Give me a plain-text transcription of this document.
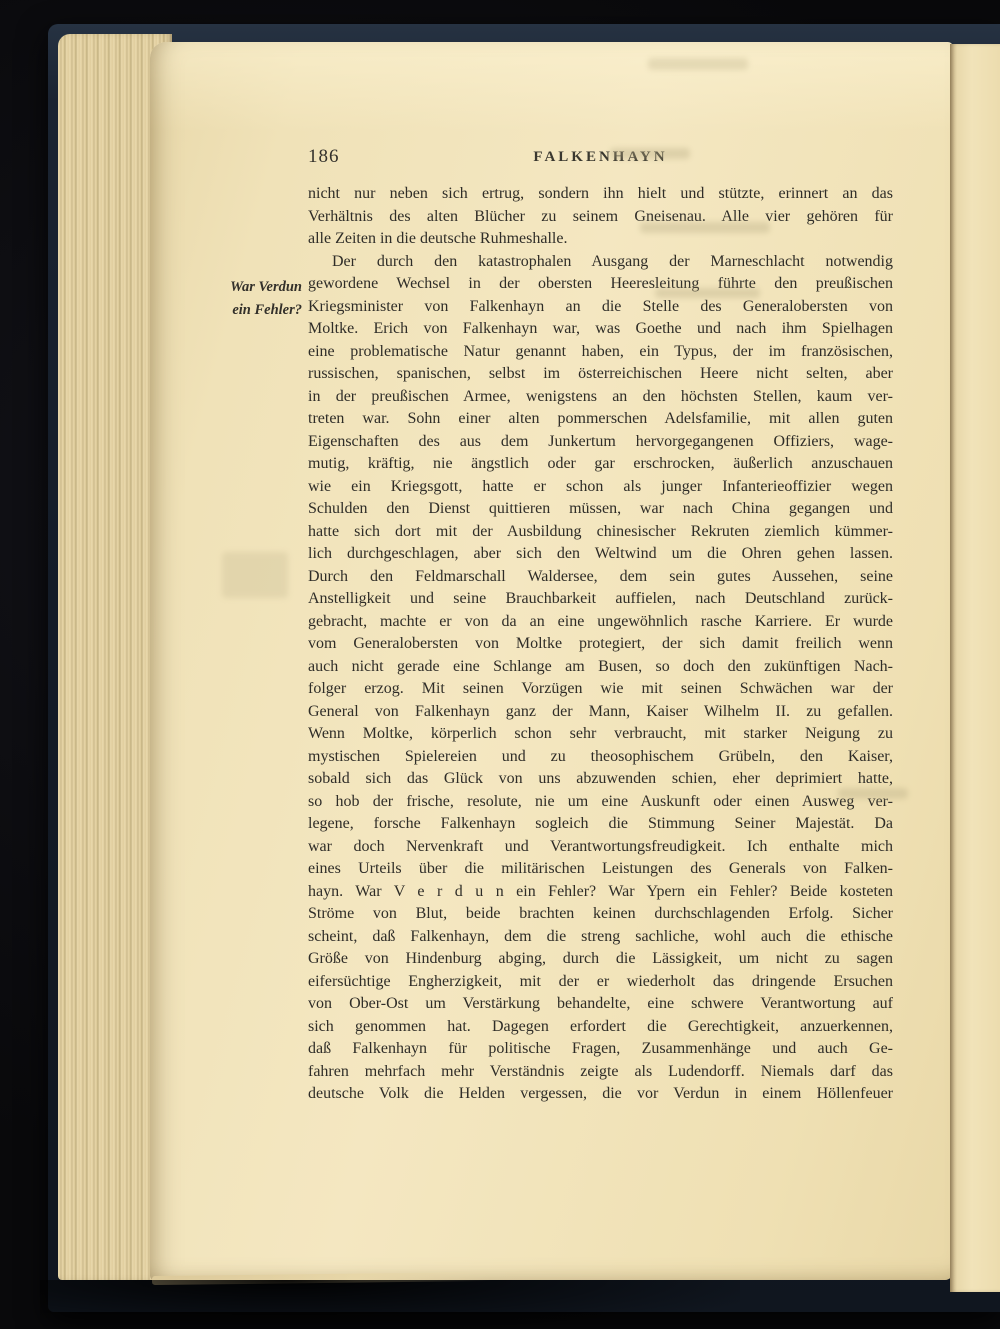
186	FALKENHAYN
War Verdun
ein Fehler?
nicht nur neben sich ertrug, sondern ihn hielt und stützte, erinnert an das
Verhältnis des alten Blücher zu seinem Gneisenau. Alle vier gehören für
alle Zeiten in die deutsche Ruhmeshalle.
Der durch den katastrophalen Ausgang der Marneschlacht notwendig
gewordene Wechsel in der obersten Heeresleitung führte den preußischen
Kriegsminister von Falkenhayn an die Stelle des Generalobersten von
Moltke. Erich von Falkenhayn war, was Goethe und nach ihm Spielhagen
eine problematische Natur genannt haben, ein Typus, der im französischen,
russischen, spanischen, selbst im österreichischen Heere nicht selten, aber
in der preußischen Armee, wenigstens an den höchsten Stellen, kaum ver-
treten war. Sohn einer alten pommerschen Adelsfamilie, mit allen guten
Eigenschaften des aus dem Junkertum hervorgegangenen Offiziers, wage-
mutig, kräftig, nie ängstlich oder gar erschrocken, äußerlich anzuschauen
wie ein Kriegsgott, hatte er schon als junger Infanterieoffizier wegen
Schulden den Dienst quittieren müssen, war nach China gegangen und
hatte sich dort mit der Ausbildung chinesischer Rekruten ziemlich kümmer-
lich durchgeschlagen, aber sich den Weltwind um die Ohren gehen lassen.
Durch den Feldmarschall Waldersee, dem sein gutes Aussehen, seine
Anstelligkeit und seine Brauchbarkeit auffielen, nach Deutschland zurück-
gebracht, machte er von da an eine ungewöhnlich rasche Karriere. Er wurde
vom Generalobersten von Moltke protegiert, der sich damit freilich wenn
auch nicht gerade eine Schlange am Busen, so doch den zukünftigen Nach-
folger erzog. Mit seinen Vorzügen wie mit seinen Schwächen war der
General von Falkenhayn ganz der Mann, Kaiser Wilhelm II. zu gefallen.
Wenn Moltke, körperlich schon sehr verbraucht, mit starker Neigung zu
mystischen Spielereien und zu theosophischem Grübeln, den Kaiser,
sobald sich das Glück von uns abzuwenden schien, eher deprimiert hatte,
so hob der frische, resolute, nie um eine Auskunft oder einen Ausweg ver-
legene, forsche Falkenhayn sogleich die Stimmung Seiner Majestät. Da
war doch Nervenkraft und Verantwortungsfreudigkeit. Ich enthalte mich
eines Urteils über die militärischen Leistungen des Generals von Falken-
hayn. War V e r d u n ein Fehler? War Ypern ein Fehler? Beide kosteten
Ströme von Blut, beide brachten keinen durchschlagenden Erfolg. Sicher
scheint, daß Falkenhayn, dem die streng sachliche, wohl auch die ethische
Größe von Hindenburg abging, durch die Lässigkeit, um nicht zu sagen
eifersüchtige Engherzigkeit, mit der er wiederholt das dringende Ersuchen
von Ober-Ost um Verstärkung behandelte, eine schwere Verantwortung auf
sich genommen hat. Dagegen erfordert die Gerechtigkeit, anzuerkennen,
daß Falkenhayn für politische Fragen, Zusammenhänge und auch Ge-
fahren mehrfach mehr Verständnis zeigte als Ludendorff. Niemals darf das
deutsche Volk die Helden vergessen, die vor Verdun in einem Höllenfeuer
